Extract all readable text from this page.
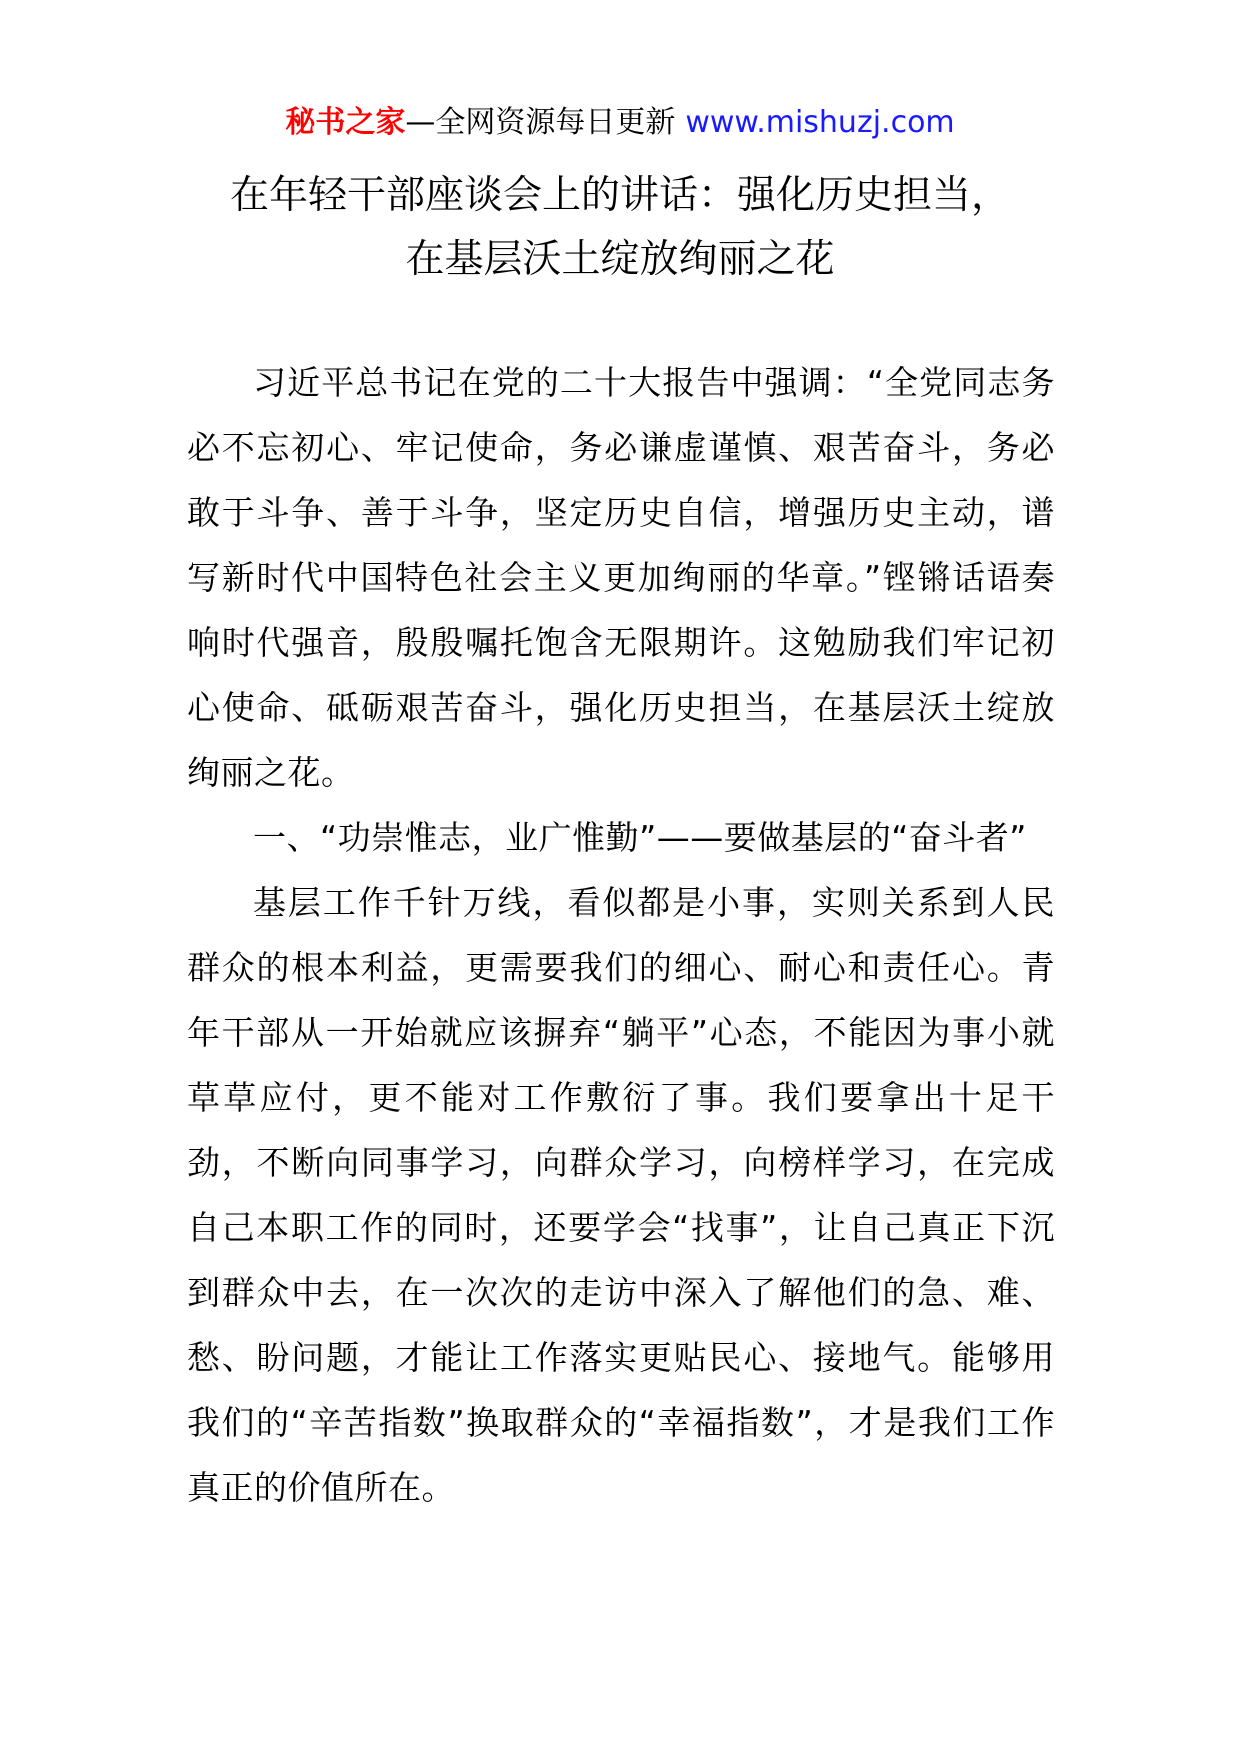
秘书之家—全网资源每日更新 www.mishuzj.com
在年轻干部座谈会上的讲话：强化历史担当，
在基层沃土绽放绚丽之花

习近平总书记在党的二十大报告中强调：“全党同志务必不忘初心、牢记使命，务必谦虚谨慎、艰苦奋斗，务必敢于斗争、善于斗争，坚定历史自信，增强历史主动，谱写新时代中国特色社会主义更加绚丽的华章。”铿锵话语奏响时代强音，殷殷嘱托饱含无限期许。这勉励我们牢记初心使命、砥砺艰苦奋斗，强化历史担当，在基层沃土绽放绚丽之花。

一、“功崇惟志，业广惟勤”——要做基层的“奋斗者”

基层工作千针万线，看似都是小事，实则关系到人民群众的根本利益，更需要我们的细心、耐心和责任心。青年干部从一开始就应该摒弃“躺平”心态，不能因为事小就草草应付，更不能对工作敷衍了事。我们要拿出十足干劲，不断向同事学习，向群众学习，向榜样学习，在完成自己本职工作的同时，还要学会“找事”，让自己真正下沉到群众中去，在一次次的走访中深入了解他们的急、难、愁、盼问题，才能让工作落实更贴民心、接地气。能够用我们的“辛苦指数”换取群众的“幸福指数”，才是我们工作真正的价值所在。
